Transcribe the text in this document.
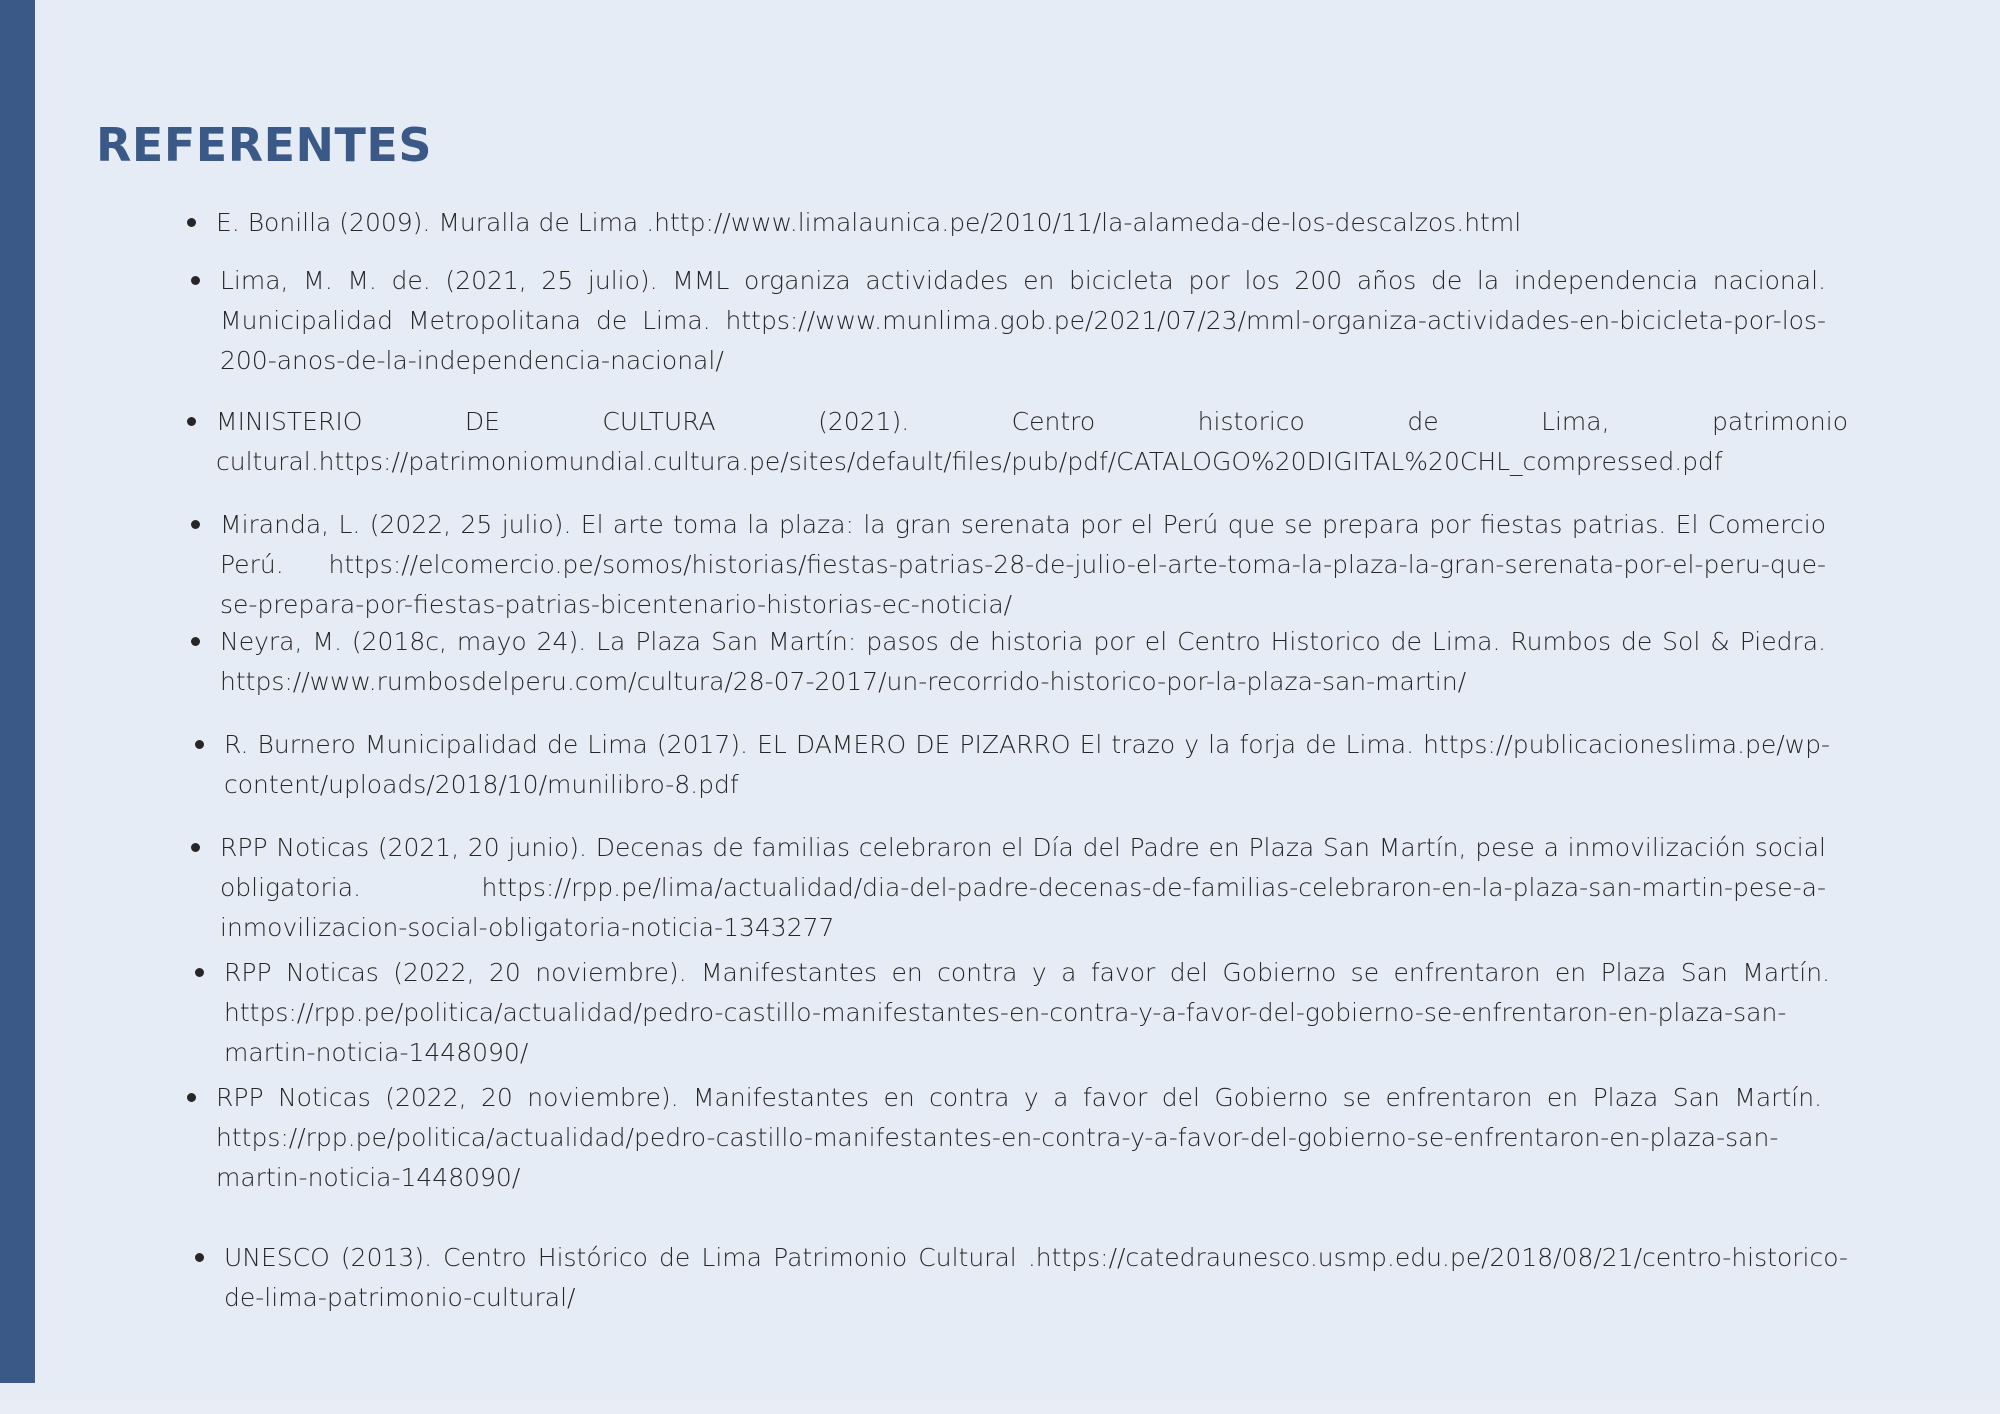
REFERENTES
E. Bonilla (2009). Muralla de Lima .http://www.limalaunica.pe/2010/11/la-alameda-de-los-descalzos.html
Lima, M. M. de. (2021, 25 julio). MML organiza actividades en bicicleta por los 200 años de la independencia nacional. Municipalidad Metropolitana de Lima. https://www.munlima.gob.pe/2021/07/23/mml-organiza-actividades-en-bicicleta-por-los-200-anos-de-la-independencia-nacional/
MINISTERIO DE CULTURA (2021). Centro historico de Lima, patrimonio cultural.https://patrimoniomundial.cultura.pe/sites/default/files/pub/pdf/CATALOGO%20DIGITAL%20CHL_compressed.pdf
Miranda, L. (2022, 25 julio). El arte toma la plaza: la gran serenata por el Perú que se prepara por fiestas patrias. El Comercio Perú. https://elcomercio.pe/somos/historias/fiestas-patrias-28-de-julio-el-arte-toma-la-plaza-la-gran-serenata-por-el-peru-que-se-prepara-por-fiestas-patrias-bicentenario-historias-ec-noticia/
Neyra, M. (2018c, mayo 24). La Plaza San Martín: pasos de historia por el Centro Historico de Lima. Rumbos de Sol & Piedra. https://www.rumbosdelperu.com/cultura/28-07-2017/un-recorrido-historico-por-la-plaza-san-martin/
R. Burnero Municipalidad de Lima (2017). EL DAMERO DE PIZARRO El trazo y la forja de Lima. https://publicacioneslima.pe/wp-content/uploads/2018/10/munilibro-8.pdf
RPP Noticas (2021, 20 junio). Decenas de familias celebraron el Día del Padre en Plaza San Martín, pese a inmovilización social obligatoria. https://rpp.pe/lima/actualidad/dia-del-padre-decenas-de-familias-celebraron-en-la-plaza-san-martin-pese-a-inmovilizacion-social-obligatoria-noticia-1343277
RPP Noticas (2022, 20 noviembre). Manifestantes en contra y a favor del Gobierno se enfrentaron en Plaza San Martín. https://rpp.pe/politica/actualidad/pedro-castillo-manifestantes-en-contra-y-a-favor-del-gobierno-se-enfrentaron-en-plaza-san-martin-noticia-1448090/
RPP Noticas (2022, 20 noviembre). Manifestantes en contra y a favor del Gobierno se enfrentaron en Plaza San Martín. https://rpp.pe/politica/actualidad/pedro-castillo-manifestantes-en-contra-y-a-favor-del-gobierno-se-enfrentaron-en-plaza-san-martin-noticia-1448090/
UNESCO (2013). Centro Histórico de Lima Patrimonio Cultural .https://catedraunesco.usmp.edu.pe/2018/08/21/centro-historico-de-lima-patrimonio-cultural/
